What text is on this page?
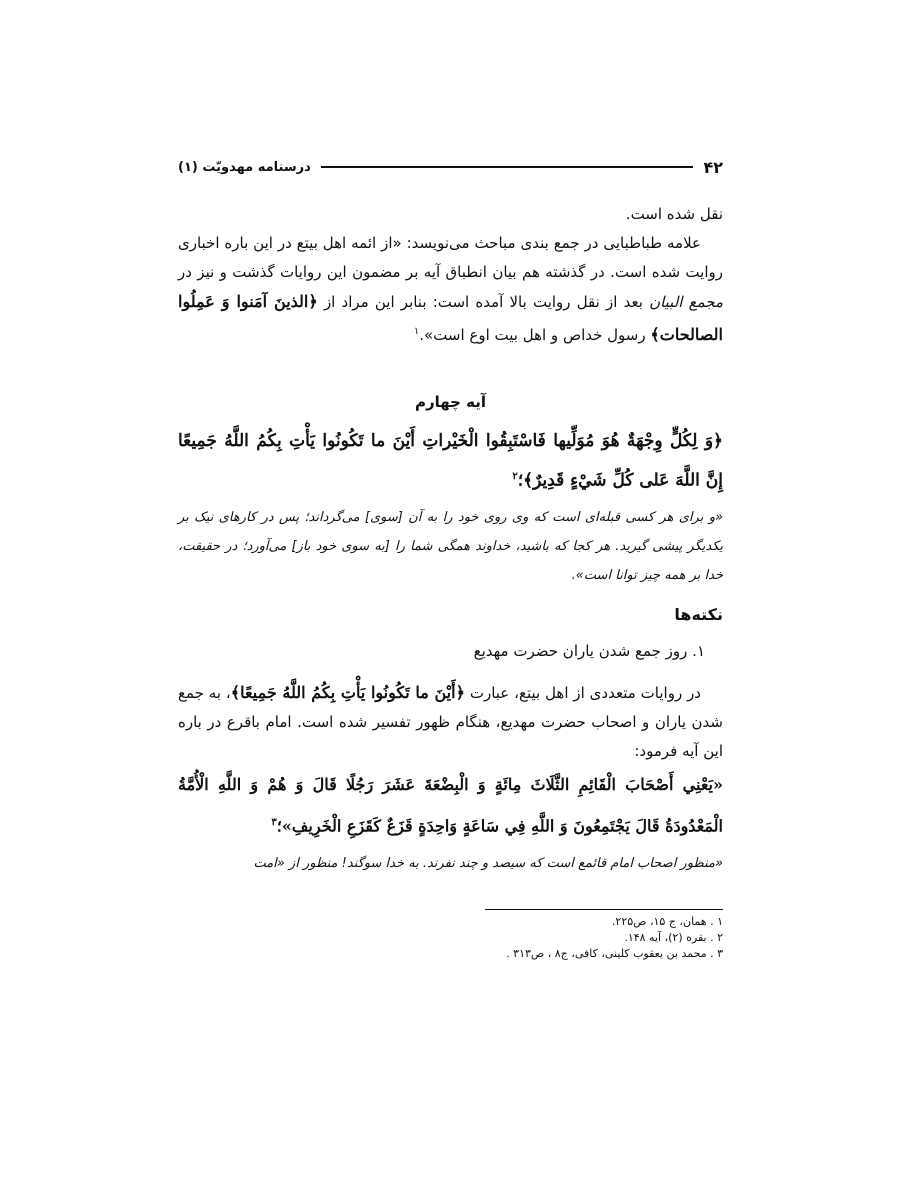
۴۲
درسنامه مهدویّت (۱)

نقل شده است.

علامه طباطبایی در جمع بندی مباحث می‌نویسد: «از ائمه اهل بیتع در این باره اخباری روایت شده است. در گذشته هم بیان انطباق آیه بر مضمون این روایات گذشت و نیز در مجمع البیان بعد از نقل روایت بالا آمده است: بنابر این مراد از ﴿الذینَ آمَنوا وَ عَمِلُوا الصالحات﴾ رسول خداص و اهل بیت اوع است».$^۱$

آیه چهارم

﴿وَ لِكُلٍّ وِجْهَةٌ هُوَ مُوَلِّيها فَاسْتَبِقُوا الْخَيْراتِ أَيْنَ ما تَكُونُوا يَأْتِ بِكُمُ اللَّهُ جَمِيعًا إِنَّ اللَّهَ عَلى كُلِّ شَيْءٍ قَدِيرٌ﴾؛$^۲$

«و برای هر کسی قبله‌ای است که وی روی خود را به آن [سوی] می‌گرداند؛ پس در کارهای نیک بر یکدیگر پیشی گیرید. هر کجا که باشید، خداوند همگی شما را [به سوی خود باز] می‌آورد؛ در حقیقت، خدا بر همه چیز توانا است».

نکته‌ها
۱. روز جمع شدن یاران حضرت مهدیع

در روایات متعددی از اهل بیتع، عبارت ﴿أَيْنَ ما تَكُونُوا يَأْتِ بِكُمُ اللَّهُ جَمِيعًا﴾، به جمع شدن یاران و اصحاب حضرت مهدیع، هنگام ظهور تفسیر شده است. امام باقرع در باره این آیه فرمود:

«يَعْنِي أَصْحَابَ الْقَائِمِ الثَّلَاثَ مِائَةٍ وَ الْبِضْعَةَ عَشَرَ رَجُلًا قَالَ وَ هُمْ وَ اللَّهِ الْأُمَّةُ الْمَعْدُودَةُ قَالَ يَجْتَمِعُونَ وَ اللَّهِ فِي سَاعَةٍ وَاحِدَةٍ قَزَعٌ كَقَزَعِ الْخَرِيفِ»؛$^۳$

«منظور اصحاب امام قائمع است که سیصد و چند نفرند. به خدا سوگند! منظور از «امت

۱ . همان، ج ۱۵، ص۲۲۵.
۲ . بقره (۲)، آیه ۱۴۸.
۳ . محمد بن یعقوب کلینی، کافی، ج۸ ، ص۳۱۳ .
